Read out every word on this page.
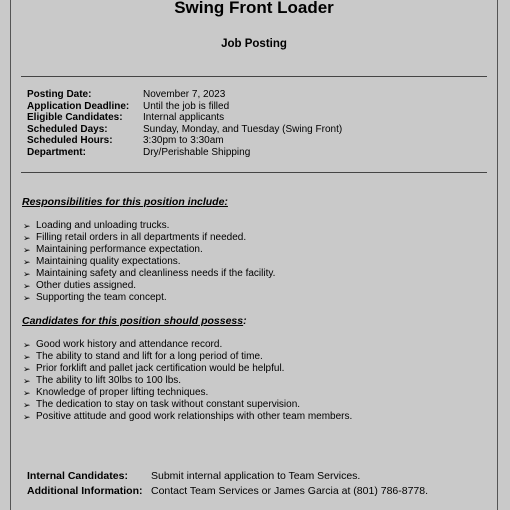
Swing Front Loader
Job Posting
Posting Date:	November 7, 2023
Application Deadline:	Until the job is filled
Eligible Candidates:	Internal applicants
Scheduled Days:	Sunday, Monday, and Tuesday (Swing Front)
Scheduled Hours:	3:30pm to 3:30am
Department:	Dry/Perishable Shipping
Responsibilities for this position include:
➢ Loading and unloading trucks.
➢ Filling retail orders in all departments if needed.
➢ Maintaining performance expectation.
➢ Maintaining quality expectations.
➢ Maintaining safety and cleanliness needs if the facility.
➢ Other duties assigned.
➢ Supporting the team concept.
Candidates for this position should possess:
➢ Good work history and attendance record.
➢ The ability to stand and lift for a long period of time.
➢ Prior forklift and pallet jack certification would be helpful.
➢ The ability to lift 30lbs to 100 lbs.
➢ Knowledge of proper lifting techniques.
➢ The dedication to stay on task without constant supervision.
➢ Positive attitude and good work relationships with other team members.
Internal Candidates:	Submit internal application to Team Services.
Additional Information: Contact Team Services or James Garcia at (801) 786-8778.
